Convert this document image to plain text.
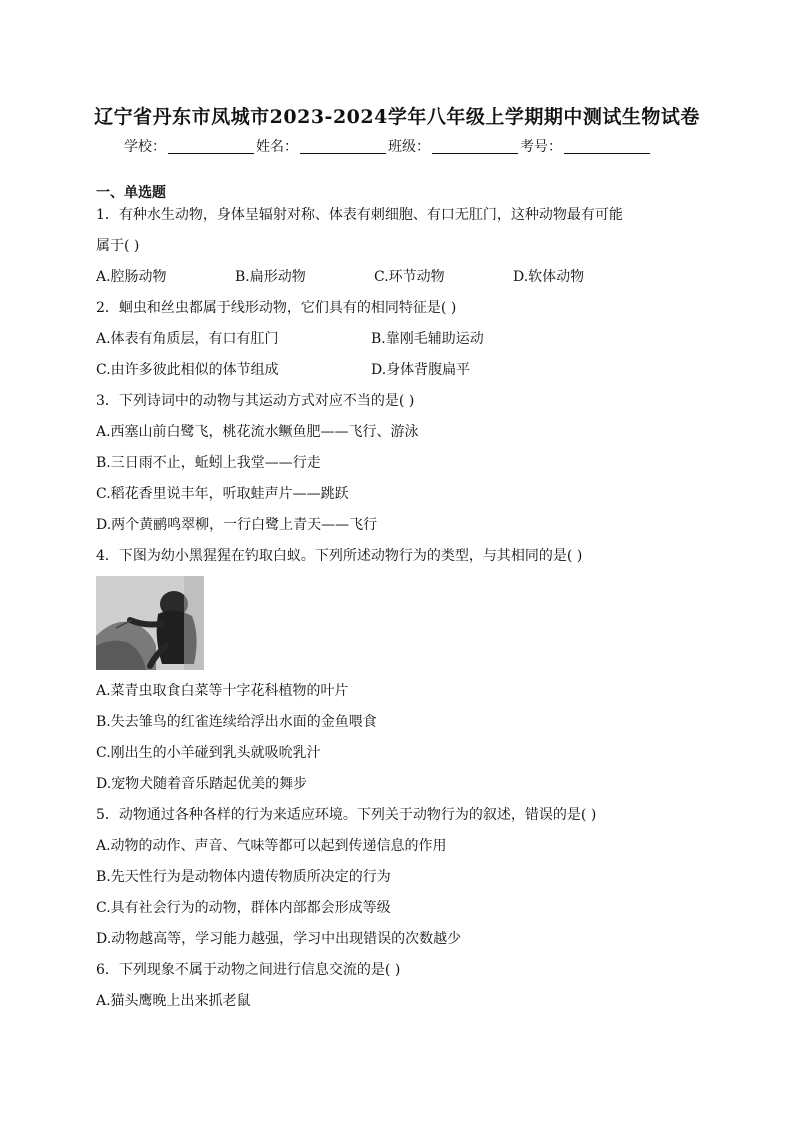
辽宁省丹东市凤城市2023-2024学年八年级上学期期中测试生物试卷
学校：	姓名：	班级：	考号：
一、单选题
1．有种水生动物，身体呈辐射对称、体表有刺细胞、有口无肛门，这种动物最有可能
属于( )
A.腔肠动物	B.扁形动物	C.环节动物	D.软体动物
2．蛔虫和丝虫都属于线形动物，它们具有的相同特征是( )
A.体表有角质层，有口有肛门	B.靠刚毛辅助运动
C.由许多彼此相似的体节组成	D.身体背腹扁平
3．下列诗词中的动物与其运动方式对应不当的是( )
A.西塞山前白鹭飞，桃花流水鳜鱼肥——飞行、游泳
B.三日雨不止，蚯蚓上我堂——行走
C.稻花香里说丰年，听取蛙声片——跳跃
D.两个黄鹂鸣翠柳，一行白鹭上青天——飞行
4．下图为幼小黑猩猩在钓取白蚁。下列所述动物行为的类型，与其相同的是( )
A.菜青虫取食白菜等十字花科植物的叶片
B.失去雏鸟的红雀连续给浮出水面的金鱼喂食
C.刚出生的小羊碰到乳头就吸吮乳汁
D.宠物犬随着音乐踏起优美的舞步
5．动物通过各种各样的行为来适应环境。下列关于动物行为的叙述，错误的是( )
A.动物的动作、声音、气味等都可以起到传递信息的作用
B.先天性行为是动物体内遗传物质所决定的行为
C.具有社会行为的动物，群体内部都会形成等级
D.动物越高等，学习能力越强，学习中出现错误的次数越少
6．下列现象不属于动物之间进行信息交流的是( )
A.猫头鹰晚上出来抓老鼠
